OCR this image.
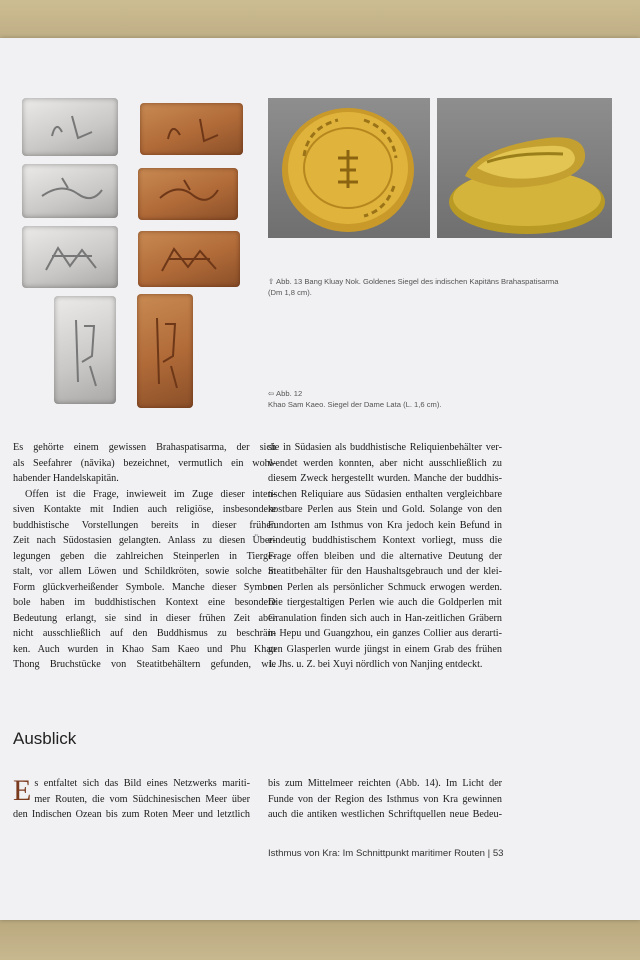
⇧ Abb. 13 Bang Kluay Nok. Goldenes Siegel des indischen Kapitäns Brahaspatisarma
(Dm 1,8 cm).
⇦ Abb. 12
Khao Sam Kaeo. Siegel der Dame Lata (L. 1,6 cm).
Es gehörte einem gewissen Brahaspatisarma, der sich
als Seefahrer (nāvika) bezeichnet, vermutlich ein wohl-
habender Handelskapitän.
Offen ist die Frage, inwieweit im Zuge dieser inten-
siven Kontakte mit Indien auch religiöse, insbesondere
buddhistische Vorstellungen bereits in dieser frühen
Zeit nach Südostasien gelangten. Anlass zu diesen Über-
legungen geben die zahlreichen Steinperlen in Tierge-
stalt, vor allem Löwen und Schildkröten, sowie solche in
Form glückverheißender Symbole. Manche dieser Symbo-
bole haben im buddhistischen Kontext eine besondere
Bedeutung erlangt, sie sind in dieser frühen Zeit aber
nicht ausschließlich auf den Buddhismus zu beschrän-
ken. Auch wurden in Khao Sam Kaeo und Phu Khao
Thong Bruchstücke von Steatitbehältern gefunden, wie
sie in Südasien als buddhistische Reliquienbehälter ver-
wendet werden konnten, aber nicht ausschließlich zu
diesem Zweck hergestellt wurden. Manche der buddhis-
tischen Reliquiare aus Südasien enthalten vergleichbare
kostbare Perlen aus Stein und Gold. Solange von den
Fundorten am Isthmus von Kra jedoch kein Befund in
eindeutig buddhistischem Kontext vorliegt, muss die
Frage offen bleiben und die alternative Deutung der
Steatitbehälter für den Haushaltsgebrauch und der klei-
nen Perlen als persönlicher Schmuck erwogen werden.
Die tiergestaltigen Perlen wie auch die Goldperlen mit
Granulation finden sich auch in Han-zeitlichen Gräbern
in Hepu und Guangzhou, ein ganzes Collier aus derarti-
gen Glasperlen wurde jüngst in einem Grab des frühen
1. Jhs. u. Z. bei Xuyi nördlich von Nanjing entdeckt.
Ausblick
E s entfaltet sich das Bild eines Netzwerks mariti-
mer Routen, die vom Südchinesischen Meer über
den Indischen Ozean bis zum Roten Meer und letztlich
bis zum Mittelmeer reichten (Abb. 14). Im Licht der
Funde von der Region des Isthmus von Kra gewinnen
auch die antiken westlichen Schriftquellen neue Bedeu-
Isthmus von Kra: Im Schnittpunkt maritimer Routen | 53
